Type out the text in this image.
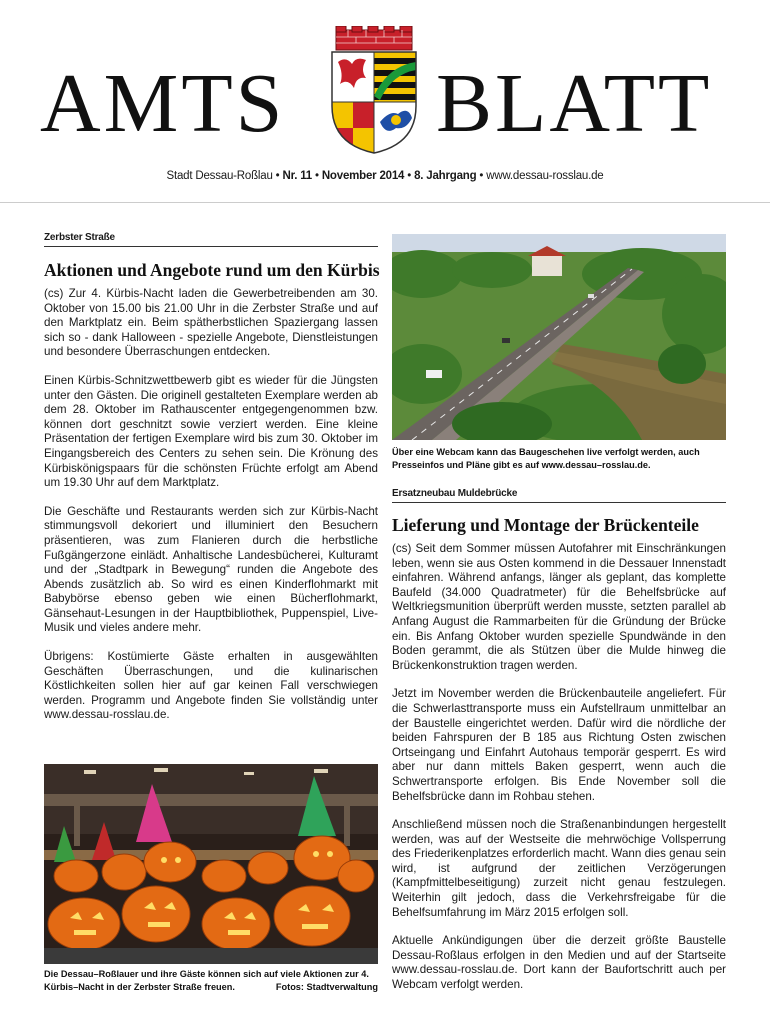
AMTS BLATT
Stadt Dessau-Roßlau • Nr. 11 • November 2014 • 8. Jahrgang • www.dessau-rosslau.de
Zerbster Straße
Aktionen und Angebote rund um den Kürbis

(cs) Zur 4. Kürbis-Nacht laden die Gewerbetreibenden am 30. Oktober von 15.00 bis 21.00 Uhr in die Zerbster Straße und auf den Marktplatz ein. Beim spätherbstlichen Spaziergang lassen sich so - dank Halloween - spezielle Angebote, Dienstleistungen und besondere Überraschungen entdecken.

Einen Kürbis-Schnitzwettbewerb gibt es wieder für die Jüngsten unter den Gästen. Die originell gestalteten Exemplare werden ab dem 28. Oktober im Rathauscenter entgegengenommen bzw. können dort geschnitzt sowie verziert werden. Eine kleine Präsentation der fertigen Exemplare wird bis zum 30. Oktober im Eingangsbereich des Centers zu sehen sein. Die Krönung des Kürbiskönigspaars für die schönsten Früchte erfolgt am Abend um 19.30 Uhr auf dem Marktplatz.

Die Geschäfte und Restaurants werden sich zur Kürbis-Nacht stimmungsvoll dekoriert und illuminiert den Besuchern präsentieren, was zum Flanieren durch die herbstliche Fußgängerzone einlädt. Anhaltische Landesbücherei, Kulturamt und der „Stadtpark in Bewegung“ runden die Angebote des Abends zusätzlich ab. So wird es einen Kinderflohmarkt mit Babybörse ebenso geben wie einen Bücherflohmarkt, Gänsehaut-Lesungen in der Hauptbibliothek, Puppenspiel, Live-Musik und vieles andere mehr.

Übrigens: Kostümierte Gäste erhalten in ausgewählten Geschäften Überraschungen, und die kulinarischen Köstlichkeiten sollen hier auf gar keinen Fall verschwiegen werden. Programm und Angebote finden Sie vollständig unter www.dessau-rosslau.de.

Die Dessau–Roßlauer und ihre Gäste können sich auf viele Aktionen zur 4. Kürbis–Nacht in der Zerbster Straße freuen.	Fotos: Stadtverwaltung
Über eine Webcam kann das Baugeschehen live verfolgt werden, auch Presseinfos und Pläne gibt es auf www.dessau–rosslau.de.
Ersatzneubau Muldebrücke
Lieferung und Montage der Brückenteile

(cs) Seit dem Sommer müssen Autofahrer mit Einschränkungen leben, wenn sie aus Osten kommend in die Dessauer Innenstadt einfahren. Während anfangs, länger als geplant, das komplette Baufeld (34.000 Quadratmeter) für die Behelfsbrücke auf Weltkriegsmunition überprüft werden musste, setzten parallel ab Anfang August die Rammarbeiten für die Gründung der Brücke ein. Bis Anfang Oktober wurden spezielle Spundwände in den Boden gerammt, die als Stützen über die Mulde hinweg die Brückenkonstruktion tragen werden.

Jetzt im November werden die Brückenbauteile angeliefert. Für die Schwerlasttransporte muss ein Aufstellraum unmittelbar an der Baustelle eingerichtet werden. Dafür wird die nördliche der beiden Fahrspuren der B 185 aus Richtung Osten zwischen Ortseingang und Einfahrt Autohaus temporär gesperrt. Es wird aber nur dann mittels Baken gesperrt, wenn auch die Schwertransporte erfolgen. Bis Ende November soll die Behelfsbrücke dann im Rohbau stehen.

Anschließend müssen noch die Straßenanbindungen hergestellt werden, was auf der Westseite die mehrwöchige Vollsperrung des Friederikenplatzes erforderlich macht. Wann dies genau sein wird, ist aufgrund der zeitlichen Verzögerungen (Kampfmittelbeseitigung) zurzeit nicht genau festzulegen. Weiterhin gilt jedoch, dass die Verkehrsfreigabe für die Behelfsumfahrung im März 2015 erfolgen soll.

Aktuelle Ankündigungen über die derzeit größte Baustelle Dessau-Roßlaus erfolgen in den Medien und auf der Startseite www.dessau-rosslau.de. Dort kann der Baufortschritt auch per Webcam verfolgt werden.
